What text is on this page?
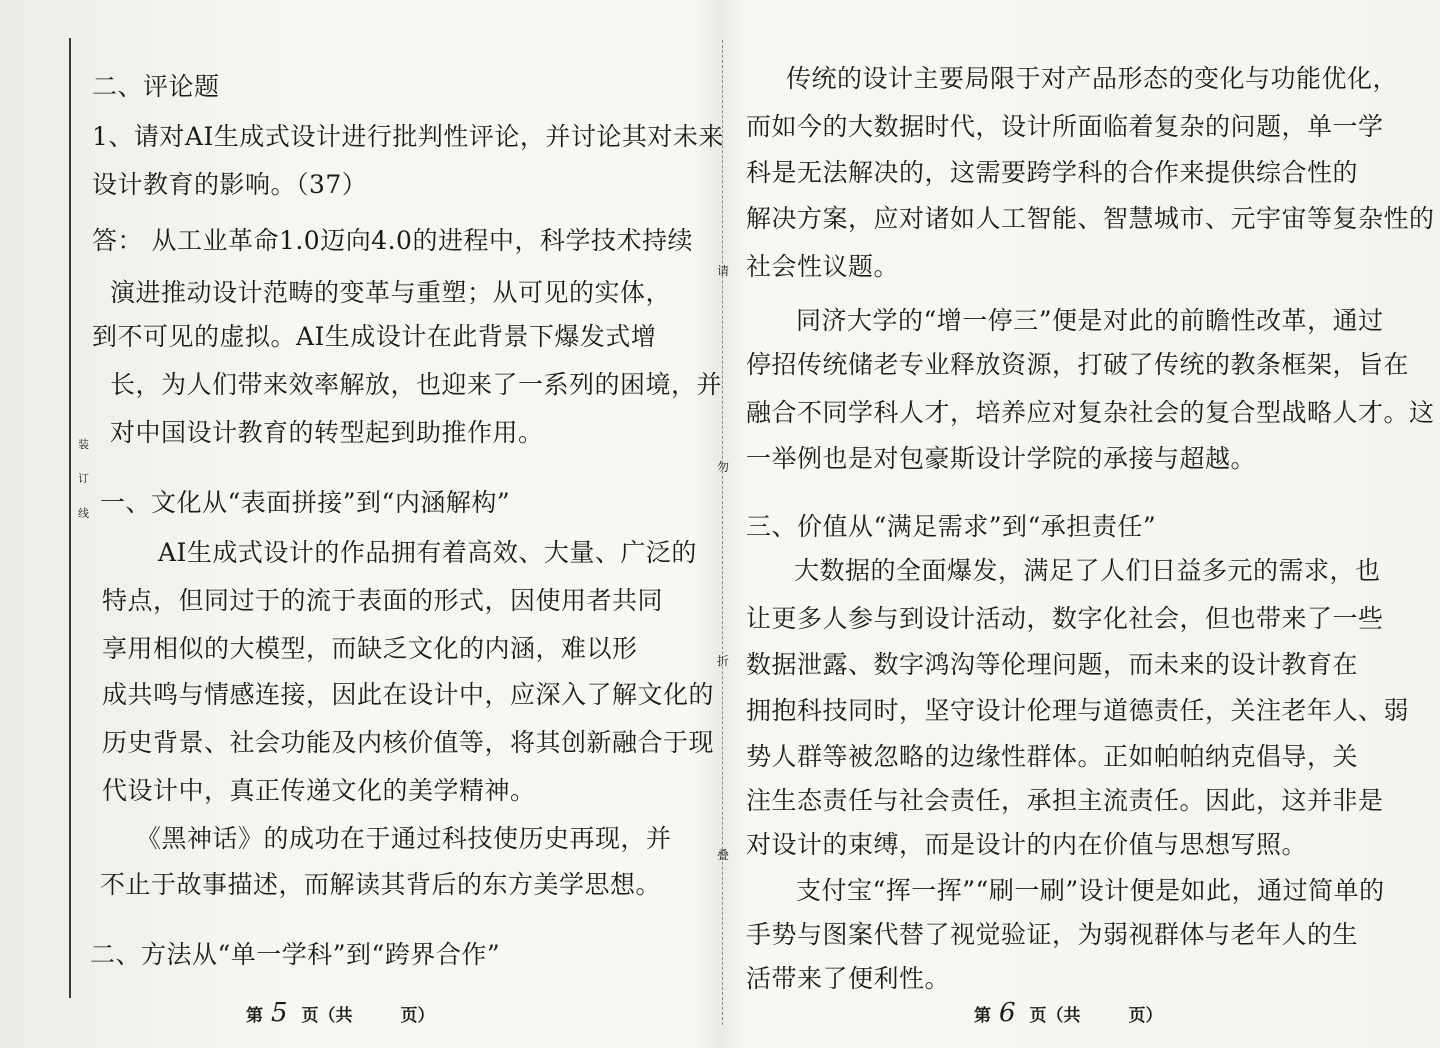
装
订
线
请
勿
折
叠
二、评论题
1、请对AI生成式设计进行批判性评论，并讨论其对未来
设计教育的影响。（37）
答： 从工业革命1.0迈向4.0的进程中，科学技术持续
演进推动设计范畴的变革与重塑；从可见的实体，
到不可见的虚拟。AI生成设计在此背景下爆发式增
长，为人们带来效率解放，也迎来了一系列的困境，并
对中国设计教育的转型起到助推作用。
一、文化从“表面拼接”到“内涵解构”
AI生成式设计的作品拥有着高效、大量、广泛的
特点，但同过于的流于表面的形式，因使用者共同
享用相似的大模型，而缺乏文化的内涵，难以形
成共鸣与情感连接，因此在设计中，应深入了解文化的
历史背景、社会功能及内核价值等，将其创新融合于现
代设计中，真正传递文化的美学精神。
《黑神话》的成功在于通过科技使历史再现，并
不止于故事描述，而解读其背后的东方美学思想。
二、方法从“单一学科”到“跨界合作”
传统的设计主要局限于对产品形态的变化与功能优化，
而如今的大数据时代，设计所面临着复杂的问题，单一学
科是无法解决的，这需要跨学科的合作来提供综合性的
解决方案，应对诸如人工智能、智慧城市、元宇宙等复杂性的
社会性议题。
同济大学的“增一停三”便是对此的前瞻性改革，通过
停招传统储老专业释放资源，打破了传统的教条框架，旨在
融合不同学科人才，培养应对复杂社会的复合型战略人才。这
一举例也是对包豪斯设计学院的承接与超越。
三、价值从“满足需求”到“承担责任”
大数据的全面爆发，满足了人们日益多元的需求，也
让更多人参与到设计活动，数字化社会，但也带来了一些
数据泄露、数字鸿沟等伦理问题，而未来的设计教育在
拥抱科技同时，坚守设计伦理与道德责任，关注老年人、弱
势人群等被忽略的边缘性群体。正如帕帕纳克倡导，关
注生态责任与社会责任，承担主流责任。因此，这并非是
对设计的束缚，而是设计的内在价值与思想写照。
支付宝“挥一挥”“刷一刷”设计便是如此，通过简单的
手势与图案代替了视觉验证，为弱视群体与老年人的生
活带来了便利性。
第 5 页（共	页）	第 6 页（共	页）
